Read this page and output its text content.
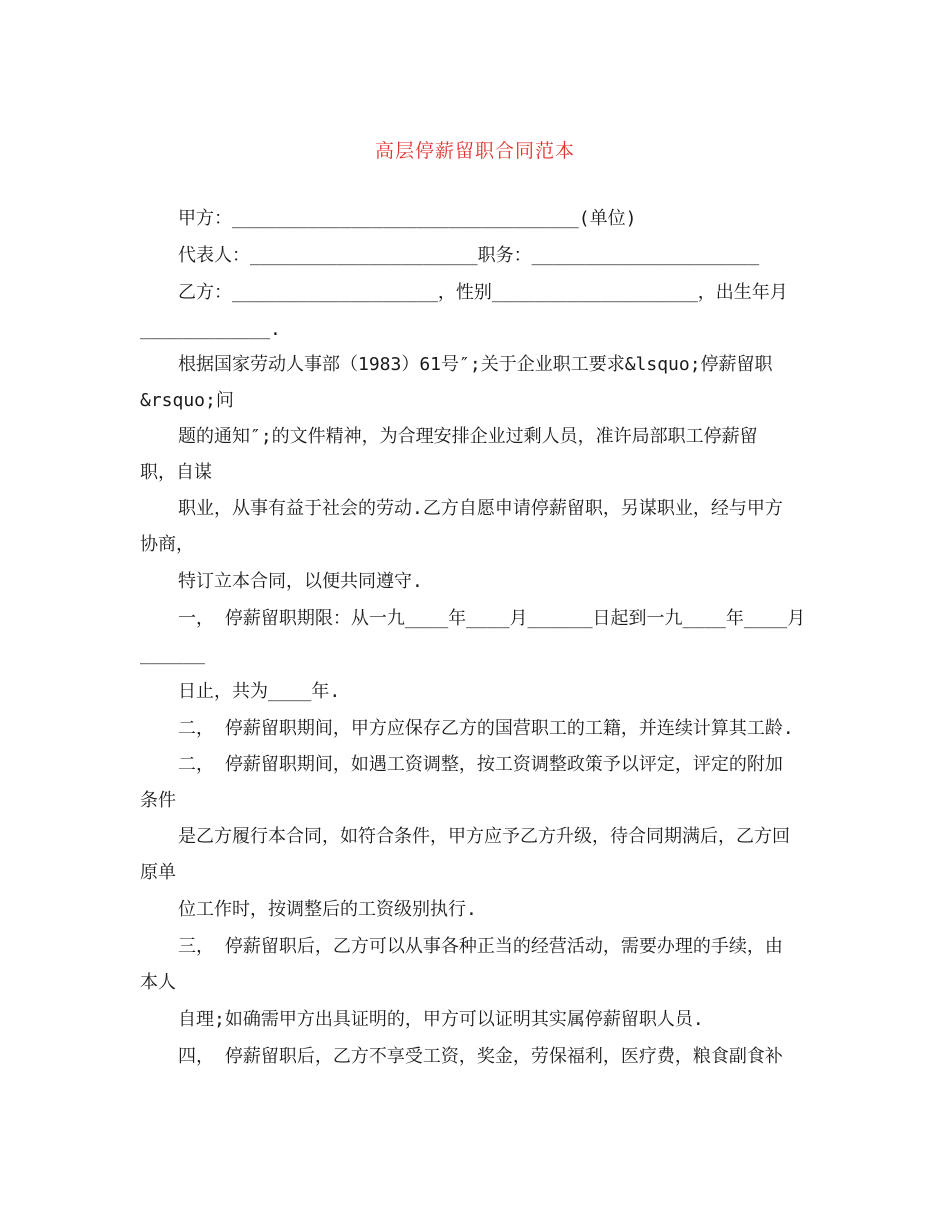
高层停薪留职合同范本
甲方：________________________________(单位)
代表人：_____________________职务：_____________________
乙方：___________________，性别___________________，出生年月
____________.
根据国家劳动人事部（1983）61号″;关于企业职工要求&lsquo;停薪留职
&rsquo;问
题的通知″;的文件精神，为合理安排企业过剩人员，准许局部职工停薪留
职，自谋
职业，从事有益于社会的劳动.乙方自愿申请停薪留职，另谋职业，经与甲方
协商，
特订立本合同，以便共同遵守.
一， 停薪留职期限：从一九____年____月______日起到一九____年____月
______
日止，共为____年.
二， 停薪留职期间，甲方应保存乙方的国营职工的工籍，并连续计算其工龄.
二， 停薪留职期间，如遇工资调整，按工资调整政策予以评定，评定的附加
条件
是乙方履行本合同，如符合条件，甲方应予乙方升级，待合同期满后，乙方回
原单
位工作时，按调整后的工资级别执行.
三， 停薪留职后，乙方可以从事各种正当的经营活动，需要办理的手续，由
本人
自理;如确需甲方出具证明的，甲方可以证明其实属停薪留职人员.
四， 停薪留职后，乙方不享受工资，奖金，劳保福利，医疗费，粮食副食补
